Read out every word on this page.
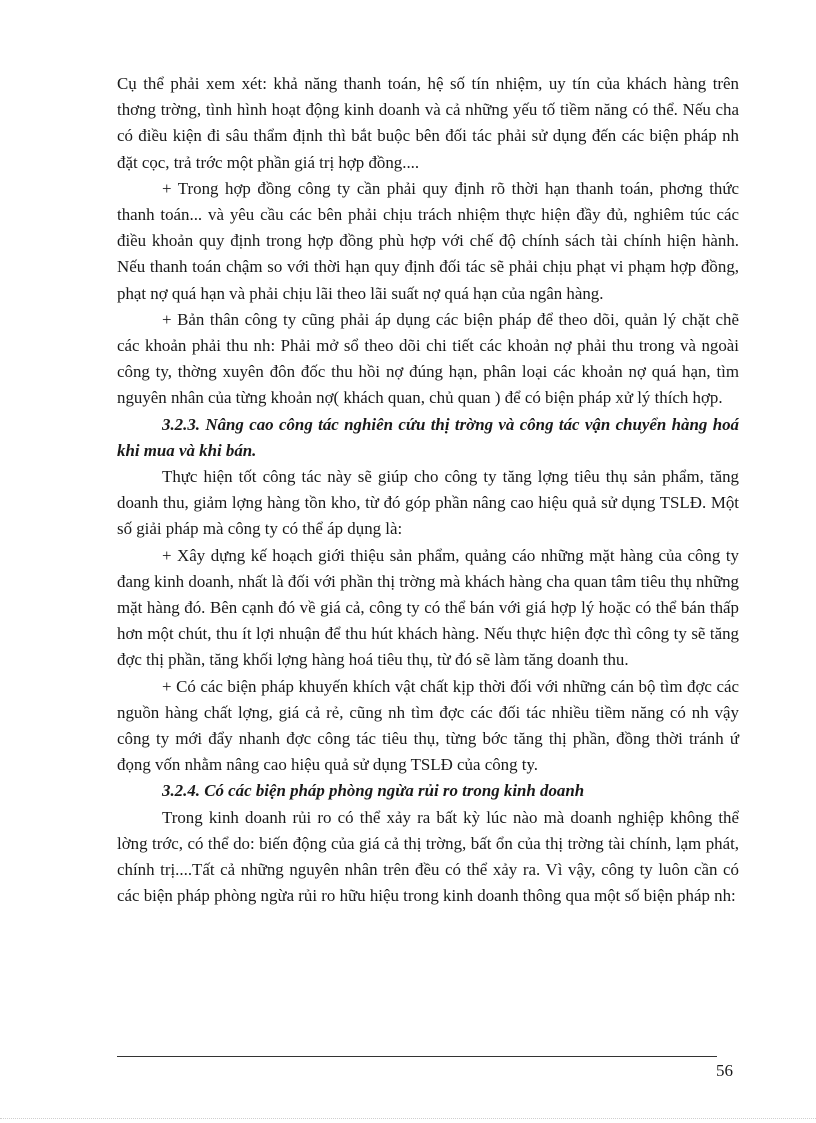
Cụ thể phải xem xét: khả năng thanh toán, hệ số tín nhiệm, uy tín của khách hàng trên thơng trờng, tình hình hoạt động kinh doanh và cả những yếu tố tiềm năng có thể. Nếu cha có điều kiện đi sâu thẩm định thì bắt buộc bên đối tác phải sử dụng đến các biện pháp nh đặt cọc, trả trớc một phần giá trị hợp đồng....

+ Trong hợp đồng công ty cần phải quy định rõ thời hạn thanh toán, phơng thức thanh toán... và yêu cầu các bên phải chịu trách nhiệm thực hiện đầy đủ, nghiêm túc các điều khoản quy định trong hợp đồng phù hợp với chế độ chính sách tài chính hiện hành. Nếu thanh toán chậm so với thời hạn quy định đối tác sẽ phải chịu phạt vi phạm hợp đồng, phạt nợ quá hạn và phải chịu lãi theo lãi suất nợ quá hạn của ngân hàng.

+ Bản thân công ty cũng phải áp dụng các biện pháp để theo dõi, quản lý chặt chẽ các khoản phải thu nh: Phải mở sổ theo dõi chi tiết các khoản nợ phải thu trong và ngoài công ty, thờng xuyên đôn đốc thu hồi nợ đúng hạn, phân loại các khoản nợ quá hạn, tìm nguyên nhân của từng khoản nợ( khách quan, chủ quan ) để có biện pháp xử lý thích hợp.

3.2.3. Nâng cao công tác nghiên cứu thị trờng và công tác vận chuyển hàng hoá khi mua và khi bán.

Thực hiện tốt công tác này sẽ giúp cho công ty tăng lợng tiêu thụ sản phẩm, tăng doanh thu, giảm lợng hàng tồn kho, từ đó góp phần nâng cao hiệu quả sử dụng TSLĐ. Một số giải pháp mà công ty có thể áp dụng là:

+ Xây dựng kế hoạch giới thiệu sản phẩm, quảng cáo những mặt hàng của công ty đang kinh doanh, nhất là đối với phần thị trờng mà khách hàng cha quan tâm tiêu thụ những mặt hàng đó. Bên cạnh đó về giá cả, công ty có thể bán với giá hợp lý hoặc có thể bán thấp hơn một chút, thu ít lợi nhuận để thu hút khách hàng. Nếu thực hiện đợc thì công ty sẽ tăng đợc thị phần, tăng khối lợng hàng hoá tiêu thụ, từ đó sẽ làm tăng doanh thu.

+ Có các biện pháp khuyến khích vật chất kịp thời đối với những cán bộ tìm đợc các nguồn hàng chất lợng, giá cả rẻ, cũng nh tìm đợc các đối tác nhiều tiềm năng có nh vậy công ty mới đẩy nhanh đợc công tác tiêu thụ, từng bớc tăng thị phần, đồng thời tránh ứ đọng vốn nhằm nâng cao hiệu quả sử dụng TSLĐ của công ty.

3.2.4. Có các biện pháp phòng ngừa rủi ro trong kinh doanh

Trong kinh doanh rủi ro có thể xảy ra bất kỳ lúc nào mà doanh nghiệp không thể lờng trớc, có thể do: biến động của giá cả thị trờng, bất ổn của thị trờng tài chính, lạm phát, chính trị....Tất cả những nguyên nhân trên đều có thể xảy ra. Vì vậy, công ty luôn cần có các biện pháp phòng ngừa rủi ro hữu hiệu trong kinh doanh thông qua một số biện pháp nh:

56
